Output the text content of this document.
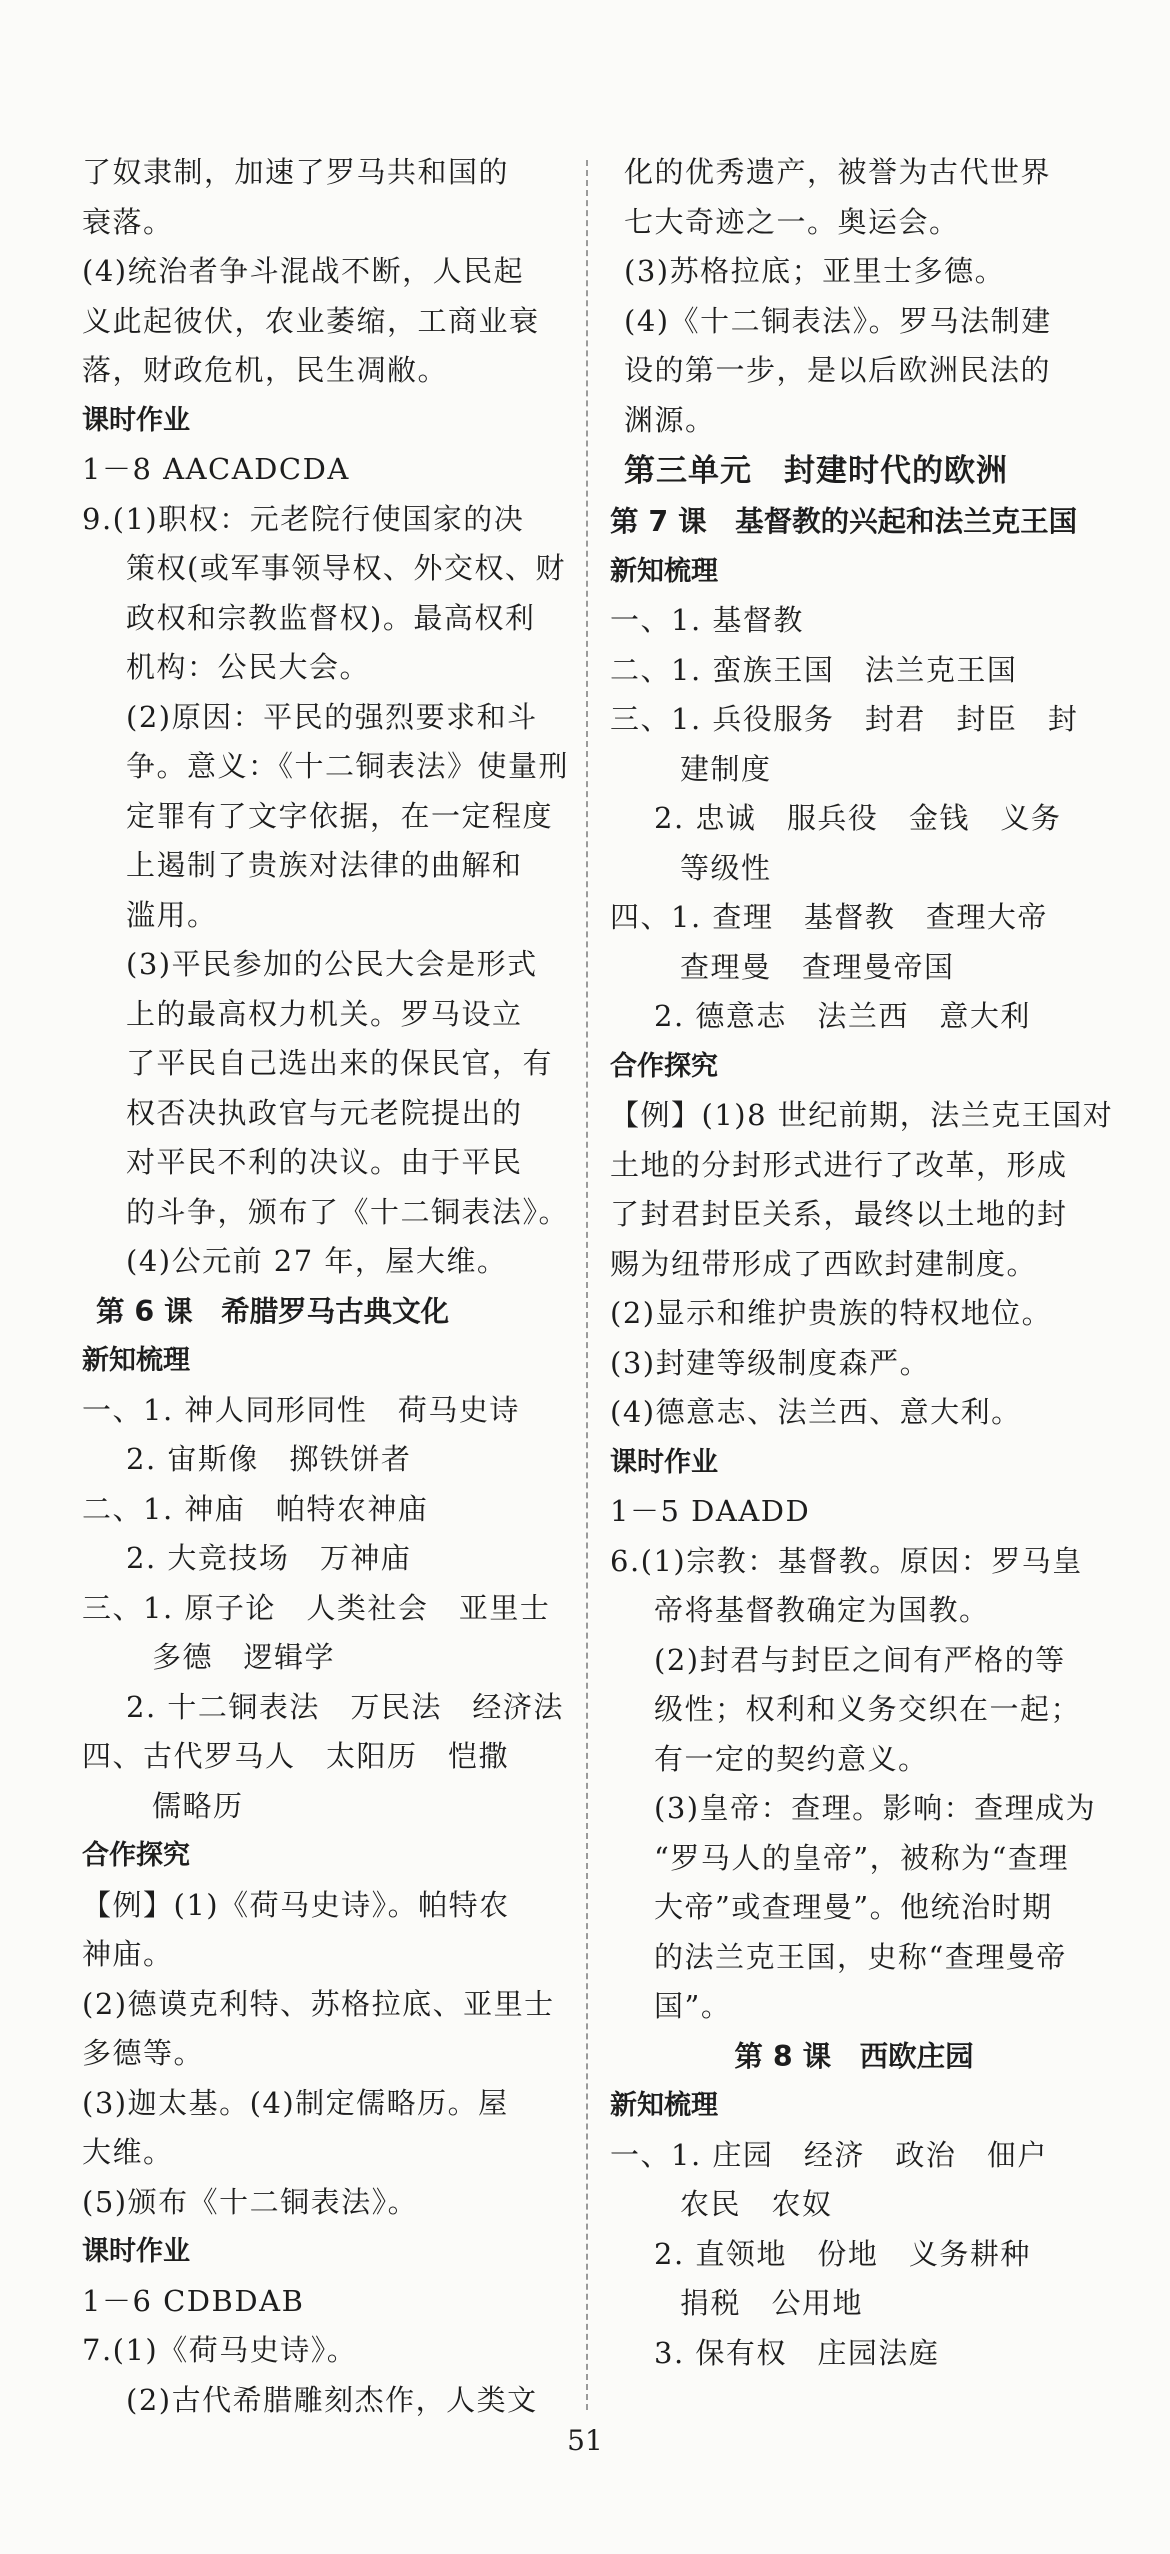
了奴隶制，加速了罗马共和国的
衰落。
(4)统治者争斗混战不断，人民起
义此起彼伏，农业萎缩，工商业衰
落，财政危机，民生凋敝。
课时作业
1－8 AACADCDA
9.(1)职权：元老院行使国家的决
策权(或军事领导权、外交权、财
政权和宗教监督权)。最高权利
机构：公民大会。
(2)原因：平民的强烈要求和斗
争。意义：《十二铜表法》使量刑
定罪有了文字依据，在一定程度
上遏制了贵族对法律的曲解和
滥用。
(3)平民参加的公民大会是形式
上的最高权力机关。罗马设立
了平民自己选出来的保民官，有
权否决执政官与元老院提出的
对平民不利的决议。由于平民
的斗争，颁布了《十二铜表法》。
(4)公元前 27 年，屋大维。
第 6 课　希腊罗马古典文化
新知梳理
一、1. 神人同形同性　荷马史诗
2. 宙斯像　掷铁饼者
二、1. 神庙　帕特农神庙
2. 大竞技场　万神庙
三、1. 原子论　人类社会　亚里士
多德　逻辑学
2. 十二铜表法　万民法　经济法
四、古代罗马人　太阳历　恺撒
儒略历
合作探究
【例】(1)《荷马史诗》。帕特农
神庙。
(2)德谟克利特、苏格拉底、亚里士
多德等。
(3)迦太基。(4)制定儒略历。屋
大维。
(5)颁布《十二铜表法》。
课时作业
1－6 CDBDAB
7.(1)《荷马史诗》。
(2)古代希腊雕刻杰作，人类文
化的优秀遗产，被誉为古代世界
七大奇迹之一。奥运会。
(3)苏格拉底；亚里士多德。
(4)《十二铜表法》。罗马法制建
设的第一步，是以后欧洲民法的
渊源。
第三单元　封建时代的欧洲
第 7 课　基督教的兴起和法兰克王国
新知梳理
一、1. 基督教
二、1. 蛮族王国　法兰克王国
三、1. 兵役服务　封君　封臣　封
建制度
2. 忠诚　服兵役　金钱　义务
等级性
四、1. 查理　基督教　查理大帝
查理曼　查理曼帝国
2. 德意志　法兰西　意大利
合作探究
【例】(1)8 世纪前期，法兰克王国对
土地的分封形式进行了改革，形成
了封君封臣关系，最终以土地的封
赐为纽带形成了西欧封建制度。
(2)显示和维护贵族的特权地位。
(3)封建等级制度森严。
(4)德意志、法兰西、意大利。
课时作业
1－5 DAADD
6.(1)宗教：基督教。原因：罗马皇
帝将基督教确定为国教。
(2)封君与封臣之间有严格的等
级性；权利和义务交织在一起；
有一定的契约意义。
(3)皇帝：查理。影响：查理成为
“罗马人的皇帝”，被称为“查理
大帝”或查理曼”。他统治时期
的法兰克王国，史称“查理曼帝
国”。
第 8 课　西欧庄园
新知梳理
一、1. 庄园　经济　政治　佃户
农民　农奴
2. 直领地　份地　义务耕种
捐税　公用地
3. 保有权　庄园法庭
51
